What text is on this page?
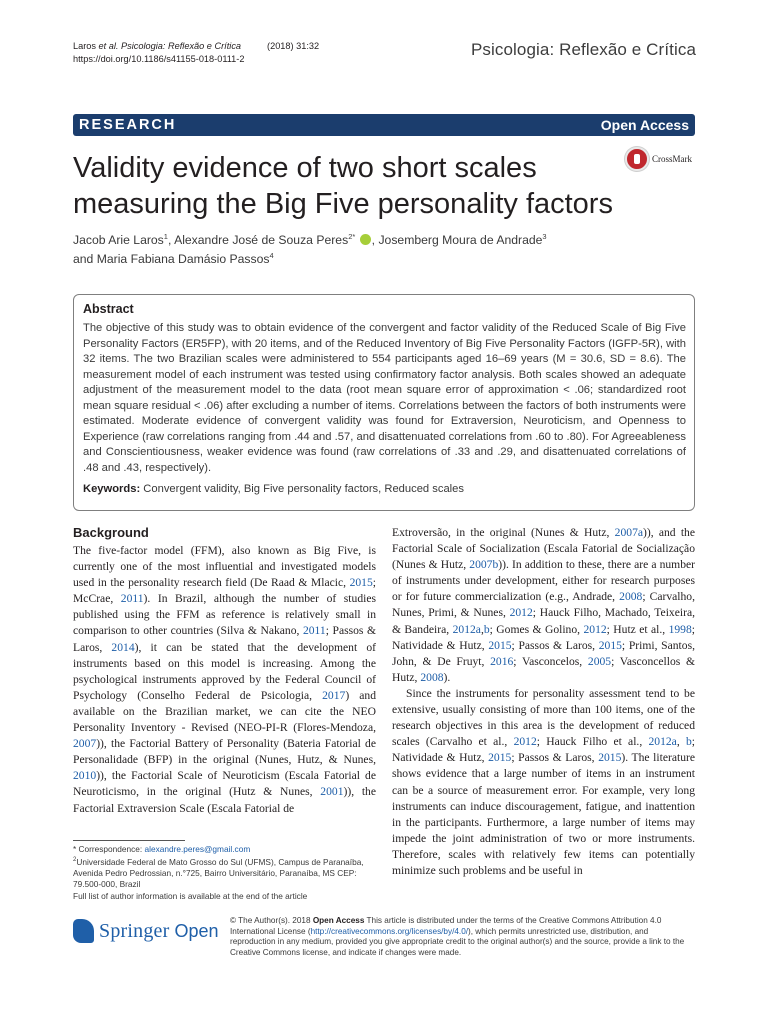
Laros et al. Psicologia: Reflexão e Crítica	(2018) 31:32
https://doi.org/10.1186/s41155-018-0111-2	Psicologia: Reflexão e Crítica
RESEARCH	Open Access
Validity evidence of two short scales measuring the Big Five personality factors
CrossMark
Jacob Arie Laros$^1$, Alexandre José de Souza Peres$^{2*}$ , Josemberg Moura de Andrade$^3$
and Maria Fabiana Damásio Passos$^4$
Abstract
The objective of this study was to obtain evidence of the convergent and factor validity of the Reduced Scale of Big Five Personality Factors (ER5FP), with 20 items, and of the Reduced Inventory of Big Five Personality Factors (IGFP-5R), with 32 items. The two Brazilian scales were administered to 554 participants aged 16–69 years (M = 30.6, SD = 8.6). The measurement model of each instrument was tested using confirmatory factor analysis. Both scales showed an adequate adjustment of the measurement model to the data (root mean square error of approximation < .06; standardized root mean square residual < .06) after excluding a number of items. Correlations between the factors of both instruments were estimated. Moderate evidence of convergent validity was found for Extraversion, Neuroticism, and Openness to Experience (raw correlations ranging from .44 and .57, and disattenuated correlations from .60 to .80). For Agreeableness and Conscientiousness, weaker evidence was found (raw correlations of .33 and .29, and disattenuated correlations of .48 and .43, respectively).
Keywords: Convergent validity, Big Five personality factors, Reduced scales
Background

The five-factor model (FFM), also known as Big Five, is currently one of the most influential and investigated models used in the personality research field (De Raad & Mlacic, 2015; McCrae, 2011). In Brazil, although the number of studies published using the FFM as reference is relatively small in comparison to other countries (Silva & Nakano, 2011; Passos & Laros, 2014), it can be stated that the development of instruments based on this model is increasing. Among the psychological instruments approved by the Federal Council of Psychology (Conselho Federal de Psicologia, 2017) and available on the Brazilian market, we can cite the NEO Personality Inventory - Revised (NEO-PI-R (Flores-Mendoza, 2007)), the Factorial Battery of Personality (Bateria Fatorial de Personalidade (BFP) in the original (Nunes, Hutz, & Nunes, 2010)), the Factorial Scale of Neuroticism (Escala Fatorial de Neuroticismo, in the original (Hutz & Nunes, 2001)), the Factorial Extraversion Scale (Escala Fatorial de

Extroversão, in the original (Nunes & Hutz, 2007a)), and the Factorial Scale of Socialization (Escala Fatorial de Socialização (Nunes & Hutz, 2007b)). In addition to these, there are a number of instruments under development, either for research purposes or for future commercialization (e.g., Andrade, 2008; Carvalho, Nunes, Primi, & Nunes, 2012; Hauck Filho, Machado, Teixeira, & Bandeira, 2012a,b; Gomes & Golino, 2012; Hutz et al., 1998; Natividade & Hutz, 2015; Passos & Laros, 2015; Primi, Santos, John, & De Fruyt, 2016; Vasconcelos, 2005; Vasconcellos & Hutz, 2008).

Since the instruments for personality assessment tend to be extensive, usually consisting of more than 100 items, one of the research objectives in this area is the development of reduced scales (Carvalho et al., 2012; Hauck Filho et al., 2012a, b; Natividade & Hutz, 2015; Passos & Laros, 2015). The literature shows evidence that a large number of items in an instrument can be a source of measurement error. For example, very long instruments can induce discouragement, fatigue, and inattention in the participants. Furthermore, a large number of items may impede the joint administration of two or more instruments. Therefore, scales with relatively few items can potentially minimize such problems and be useful in

* Correspondence: alexandre.peres@gmail.com
$^2$Universidade Federal de Mato Grosso do Sul (UFMS), Campus de Paranaíba, Avenida Pedro Pedrossian, n.°725, Bairro Universitário, Paranaíba, MS CEP: 79.500-000, Brazil
Full list of author information is available at the end of the article
Springer Open © The Author(s). 2018 Open Access This article is distributed under the terms of the Creative Commons Attribution 4.0 International License (http://creativecommons.org/licenses/by/4.0/), which permits unrestricted use, distribution, and reproduction in any medium, provided you give appropriate credit to the original author(s) and the source, provide a link to the Creative Commons license, and indicate if changes were made.
